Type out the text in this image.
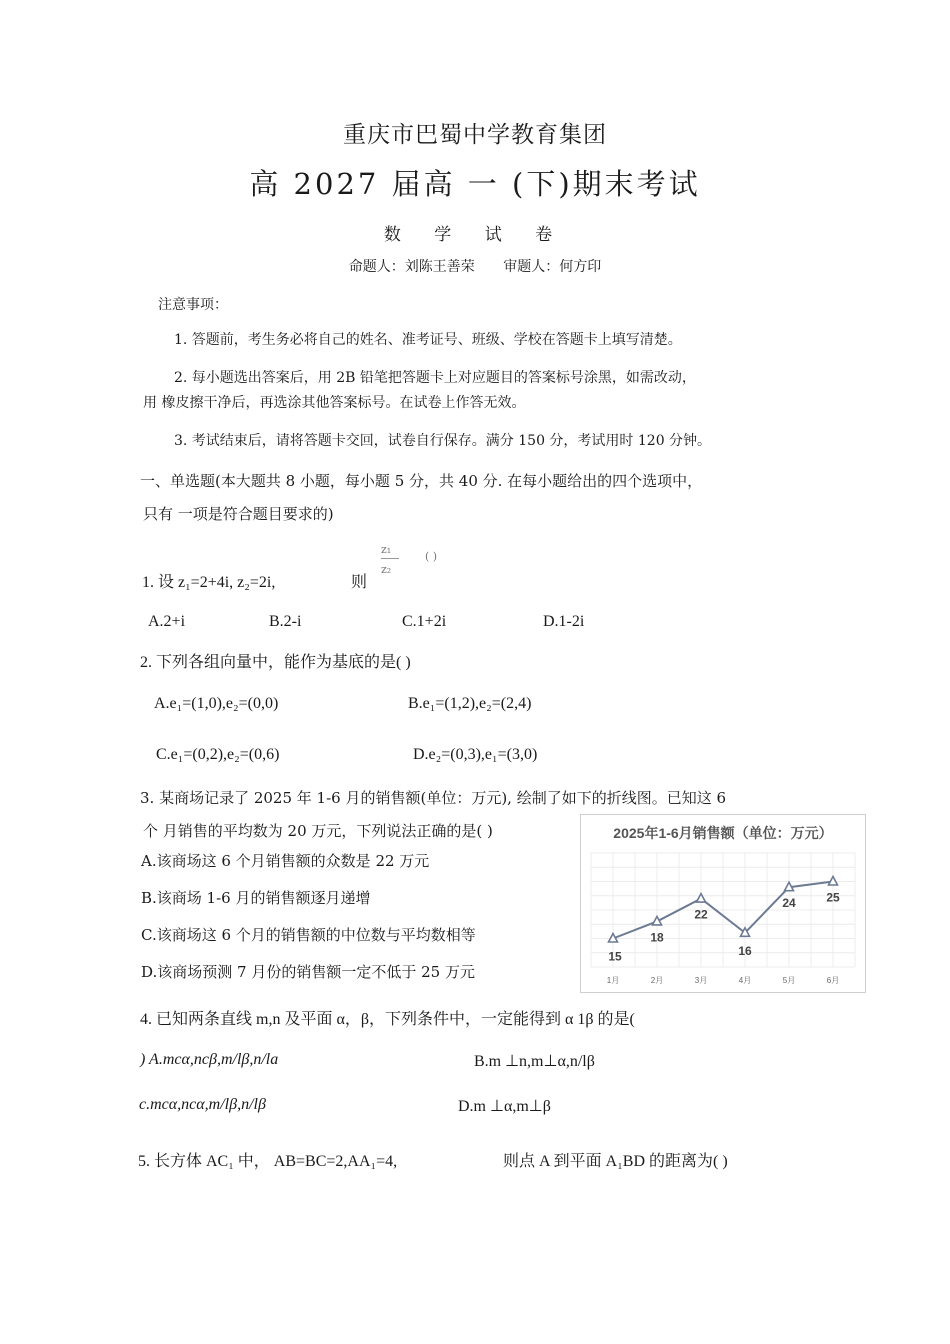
重庆市巴蜀中学教育集团
高 2027 届高 一 (下)期末考试
数 学 试 卷
命题人：刘陈王善荣 审题人：何方印
注意事项：
1. 答题前，考生务必将自己的姓名、准考证号、班级、学校在答题卡上填写清楚。
2. 每小题选出答案后，用 2B 铅笔把答题卡上对应题目的答案标号涂黑，如需改动，
用 橡皮擦干净后，再选涂其他答案标号。在试卷上作答无效。
3. 考试结束后，请将答题卡交回，试卷自行保存。满分 150 分，考试用时 120 分钟。
一、单选题(本大题共 8 小题，每小题 5 分，共 40 分. 在每小题给出的四个选项中，
只有 一项是符合题目要求的)
1. 设 z₁=2+4i, z₂=2i,	则
z₁
z₂
( )
A.2+i	B.2-i	C.1+2i	D.1-2i
2. 下列各组向量中，能作为基底的是( )
A.e₁=(1,0),e₂=(0,0)	B.e₁=(1,2),e₂=(2,4)
C.e₁=(0,2),e₂=(0,6)	D.e₂=(0,3),e₁=(3,0)
3. 某商场记录了 2025 年 1-6 月的销售额(单位：万元), 绘制了如下的折线图。已知这 6
个 月销售的平均数为 20 万元，下列说法正确的是( )
A.该商场这 6 个月销售额的众数是 22 万元
B.该商场 1-6 月的销售额逐月递增
C.该商场这 6 个月的销售额的中位数与平均数相等
D.该商场预测 7 月份的销售额一定不低于 25 万元
2025年1-6月销售额（单位：万元）
15
18
22
16
24	25
1月	2月	3月	4月	5月	6月
4. 已知两条直线 m,n 及平面 α，β，下列条件中，一定能得到 α 1β 的是(
) A.mcα,ncβ,m/lβ,n/la	B.m ⊥n,m⊥α,n/lβ
c.mcα,ncα,m/lβ,n/lβ	D.m ⊥α,m⊥β
5. 长方体 AC₁ 中， AB=BC=2,AA₁=4,	则点 A 到平面 A₁BD 的距离为( )
